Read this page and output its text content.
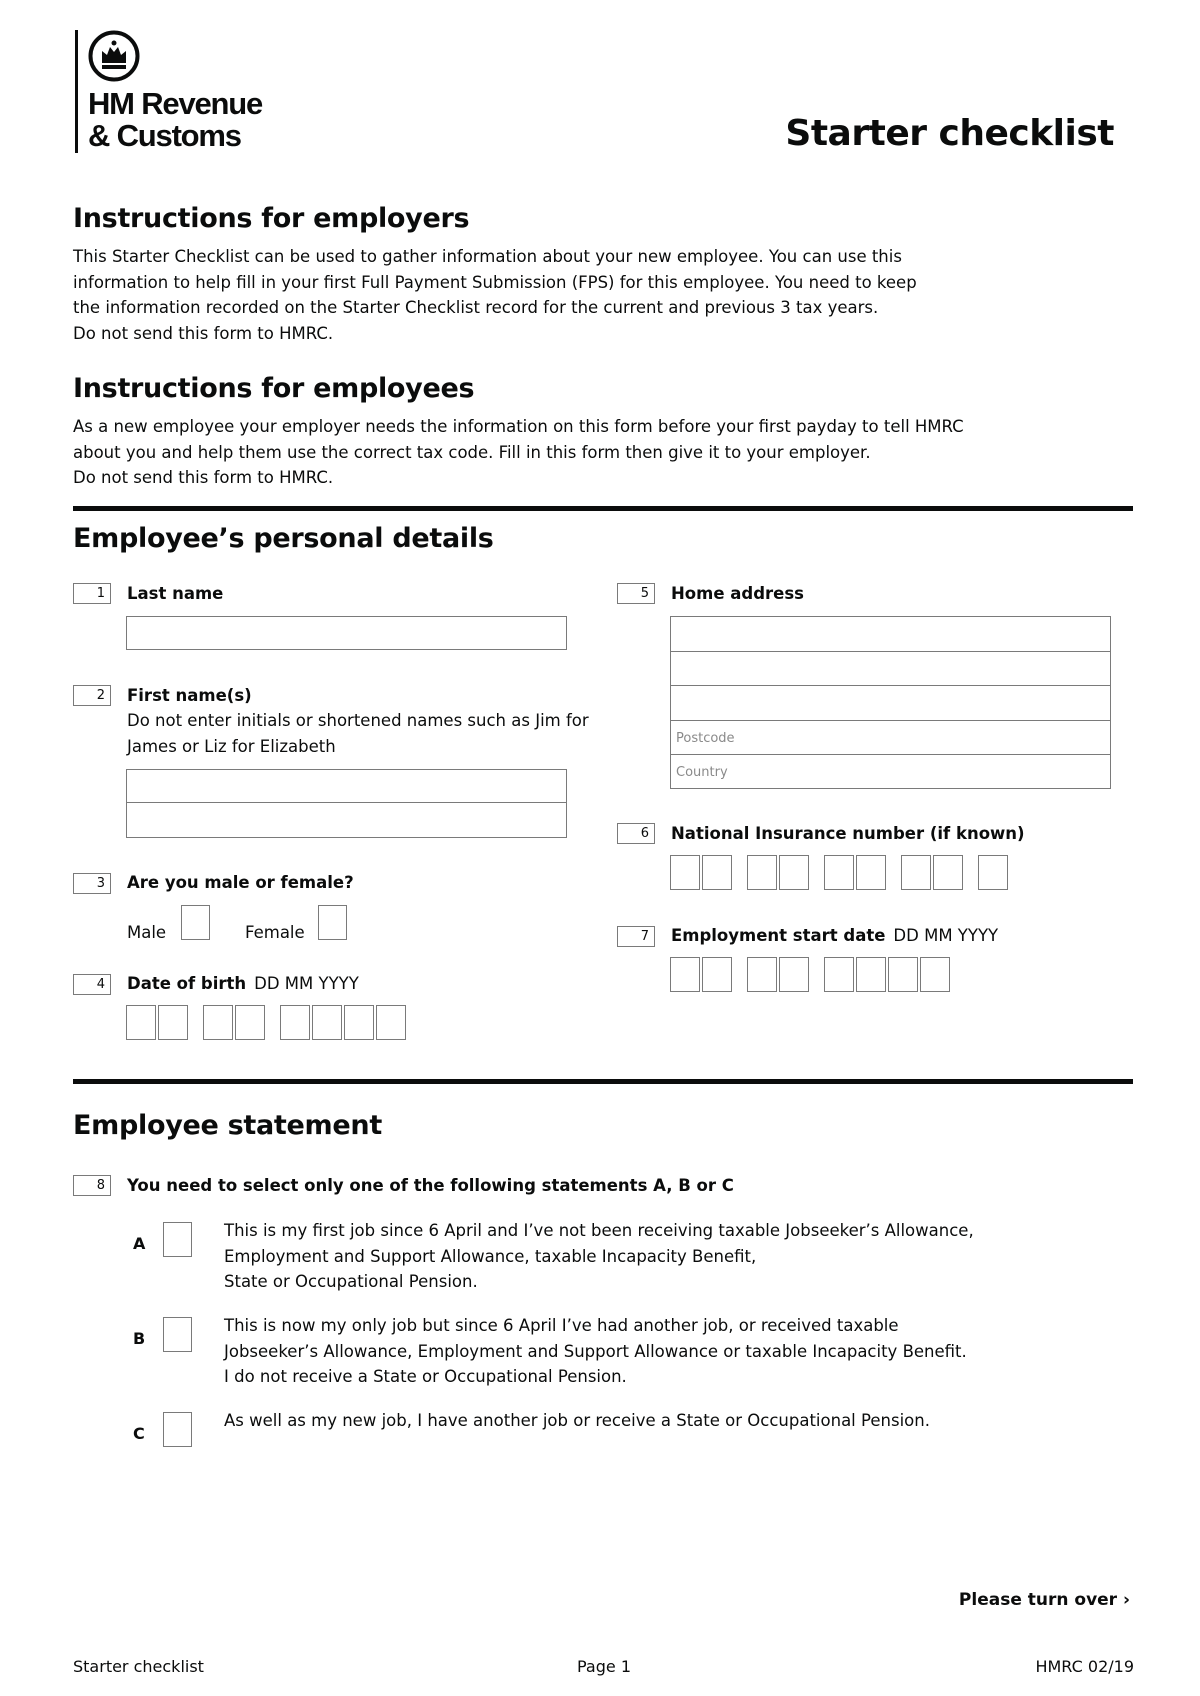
HM Revenue
& Customs	Starter checklist
Instructions for employers
This Starter Checklist can be used to gather information about your new employee. You can use this
information to help fill in your first Full Payment Submission (FPS) for this employee. You need to keep
the information recorded on the Starter Checklist record for the current and previous 3 tax years.
Do not send this form to HMRC.
Instructions for employees
As a new employee your employer needs the information on this form before your first payday to tell HMRC
about you and help them use the correct tax code. Fill in this form then give it to your employer.
Do not send this form to HMRC.
Employee’s personal details
1	Last name
2	First name(s)
Do not enter initials or shortened names such as Jim for
James or Liz for Elizabeth
3	Are you male or female?
Male	Female
4	Date of birth DD MM YYYY
5	Home address
Postcode
Country
6	National Insurance number (if known)
7	Employment start date DD MM YYYY
Employee statement
8	You need to select only one of the following statements A, B or C
A
This is my first job since 6 April and I’ve not been receiving taxable Jobseeker’s Allowance,
Employment and Support Allowance, taxable Incapacity Benefit,
State or Occupational Pension.
B
This is now my only job but since 6 April I’ve had another job, or received taxable
Jobseeker’s Allowance, Employment and Support Allowance or taxable Incapacity Benefit.
I do not receive a State or Occupational Pension.
C
As well as my new job, I have another job or receive a State or Occupational Pension.
Please turn over ›
Starter checklist	Page 1	HMRC 02/19
